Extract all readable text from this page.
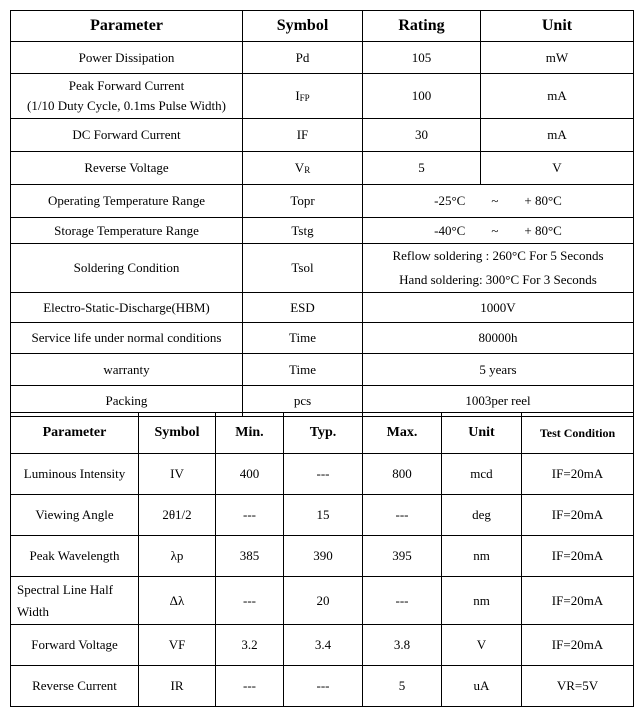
Parameter	Symbol	Rating	Unit
Power Dissipation	Pd	105	mW

Peak Forward Current
(1/10 Duty Cycle, 0.1ms Pulse Width)	IFP	100	mA
DC Forward Current	IF	30	mA
Reverse Voltage	VR	5	V
Operating Temperature Range	Topr	-25°C ~ + 80°C	

Storage Temperature Range	Tstg	-40°C ~ + 80°C	

Soldering Condition	Tsol	Reflow soldering : 260°C For 5 Seconds
Hand soldering: 300°C For 3 Seconds	

Electro-Static-Discharge(HBM)	ESD	1000V	
Service life under normal conditions	Time	80000h	
warranty	Time	5 years	
Packing	pcs	1003per reel	
Parameter	Symbol	Min.	Typ.	Max.	Unit	Test Condition
Luminous Intensity	IV	400	---	800	mcd	IF=20mA
Viewing Angle	2θ1/2	---	15	---	deg	IF=20mA
Peak Wavelength	λp	385	390	395	nm	IF=20mA
Spectral Line Half Width	Δλ	---	20	---	nm	IF=20mA
Forward Voltage	VF	3.2	3.4	3.8	V	IF=20mA
Reverse Current	IR	---	---	5	uA	VR=5V
